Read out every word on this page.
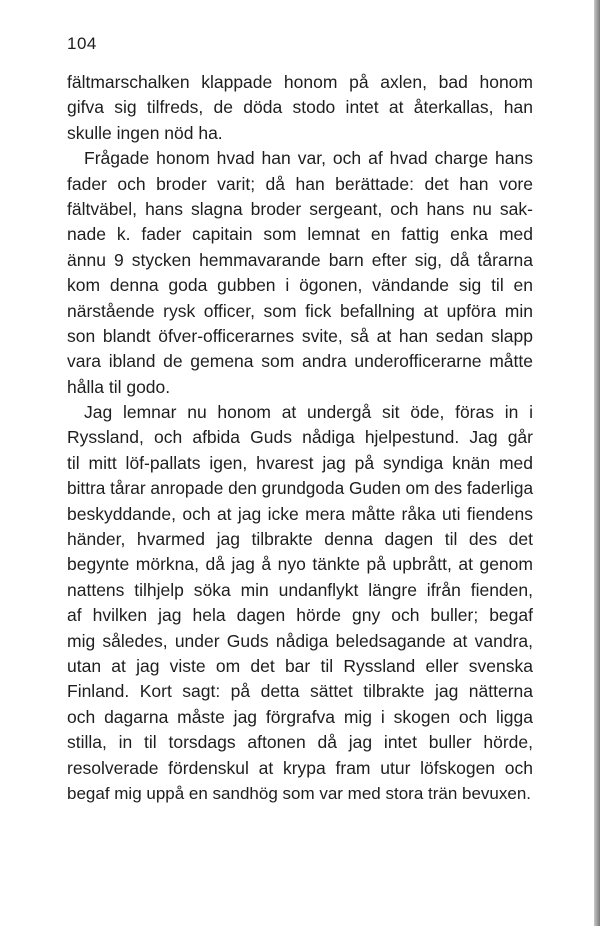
104
fältmarschalken klappade honom på axlen, bad honom
gifva sig tilfreds, de döda stodo intet at återkallas, han
skulle ingen nöd ha.
Frågade honom hvad han var, och af hvad charge hans
fader och broder varit; då han berättade: det han vore
fältväbel, hans slagna broder sergeant, och hans nu sak-
nade k. fader capitain som lemnat en fattig enka med
ännu 9 stycken hemmavarande barn efter sig, då tårarna
kom denna goda gubben i ögonen, vändande sig til en
närstående rysk officer, som fick befallning at upföra min
son blandt öfver-officerarnes svite, så at han sedan slapp
vara ibland de gemena som andra underofficerarne måtte
hålla til godo.
Jag lemnar nu honom at undergå sit öde, föras in i
Ryssland, och afbida Guds nådiga hjelpestund. Jag går
til mitt löf-pallats igen, hvarest jag på syndiga knän med
bittra tårar anropade den grundgoda Guden om des faderliga
beskyddande, och at jag icke mera måtte råka uti fiendens
händer, hvarmed jag tilbrakte denna dagen til des det
begynte mörkna, då jag å nyo tänkte på upbrått, at genom
nattens tilhjelp söka min undanflykt längre ifrån fienden,
af hvilken jag hela dagen hörde gny och buller; begaf
mig således, under Guds nådiga beledsagande at vandra,
utan at jag viste om det bar til Ryssland eller svenska
Finland. Kort sagt: på detta sättet tilbrakte jag nätterna
och dagarna måste jag förgrafva mig i skogen och ligga
stilla, in til torsdags aftonen då jag intet buller hörde,
resolverade fördenskul at krypa fram utur löfskogen och
begaf mig uppå en sandhög som var med stora trän bevuxen.
